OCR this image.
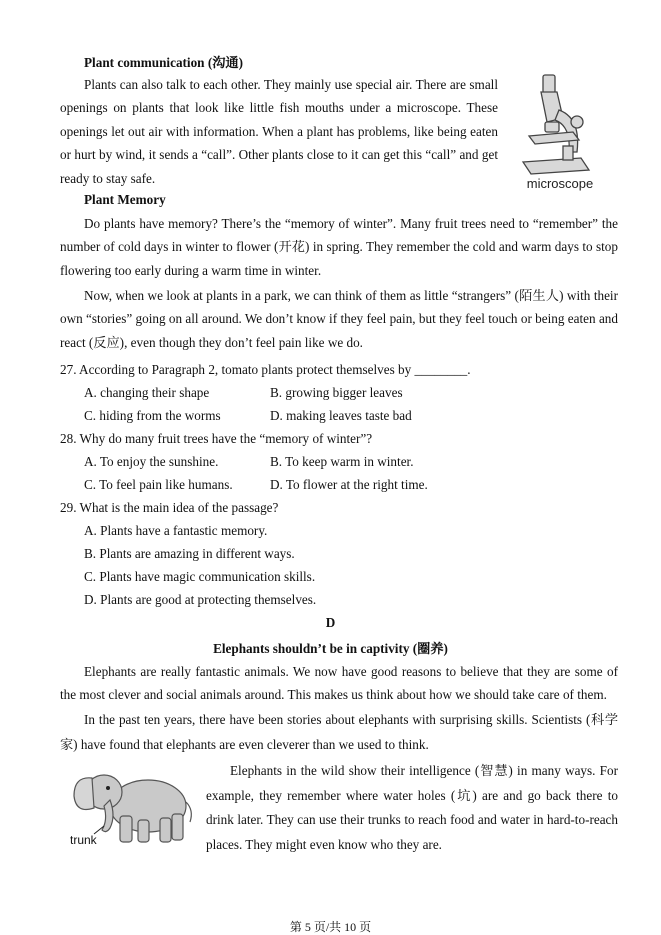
Plant communication (沟通)
Plants can also talk to each other. They mainly use special air. There are small openings on plants that look like little fish mouths under a microscope. These openings let out air with information. When a plant has problems, like being eaten or hurt by wind, it sends a “call”. Other plants close to it can get this “call” and get ready to stay safe.	microscope
Plant Memory
Do plants have memory? There’s the “memory of winter”. Many fruit trees need to “remember” the number of cold days in winter to flower (开花) in spring. They remember the cold and warm days to stop flowering too early during a warm time in winter.
Now, when we look at plants in a park, we can think of them as little “strangers” (陌生人) with their own “stories” going on all around. We don’t know if they feel pain, but they feel touch or being eaten and react (反应), even though they don’t feel pain like we do.
27. According to Paragraph 2, tomato plants protect themselves by ________.
A. changing their shape	B. growing bigger leaves
C. hiding from the worms	D. making leaves taste bad
28. Why do many fruit trees have the “memory of winter”?
A. To enjoy the sunshine.	B. To keep warm in winter.
C. To feel pain like humans.	D. To flower at the right time.
29. What is the main idea of the passage?
A. Plants have a fantastic memory.
B. Plants are amazing in different ways.
C. Plants have magic communication skills.
D. Plants are good at protecting themselves.
D
Elephants shouldn’t be in captivity (圈养)
Elephants are really fantastic animals. We now have good reasons to believe that they are some of the most clever and social animals around. This makes us think about how we should take care of them.
In the past ten years, there have been stories about elephants with surprising skills. Scientists (科学家) have found that elephants are even cleverer than we used to think.
trunk
Elephants in the wild show their intelligence (智慧) in many ways. For example, they remember where water holes (坑) are and go back there to drink later. They can use their trunks to reach food and water in hard-to-reach places. They might even know who they are.
第 5 页/共 10 页
